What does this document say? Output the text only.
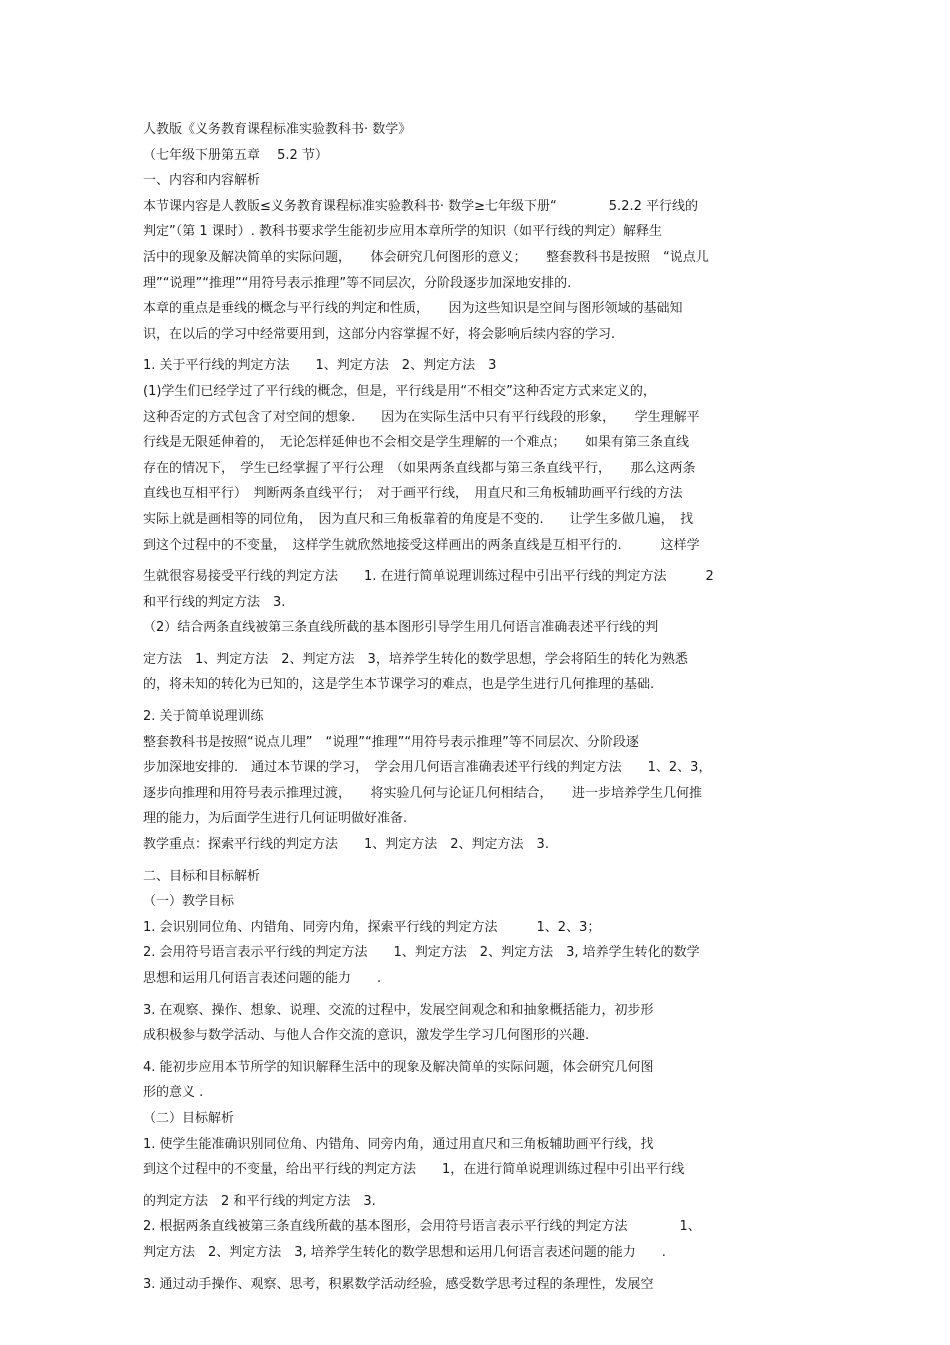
人教版《义务教育课程标准实验教科书· 数学》
（七年级下册第五章　 5.2 节）
一、内容和内容解析
本节课内容是人教版≤义务教育课程标准实验教科书· 数学≥七年级下册“　　　　5.2.2 平行线的
判定”（第 1 课时）. 教科书要求学生能初步应用本章所学的知识（如平行线的判定）解释生
活中的现象及解决简单的实际问题，　　体会研究几何图形的意义；　　整套教科书是按照　“说点儿
理”“说理”“推理”“用符号表示推理”等不同层次，分阶段逐步加深地安排的.
本章的重点是垂线的概念与平行线的判定和性质，　　因为这些知识是空间与图形领域的基础知
识，在以后的学习中经常要用到，这部分内容掌握不好，将会影响后续内容的学习.
1. 关于平行线的判定方法　　1、判定方法　2、判定方法　3
(1)学生们已经学过了平行线的概念，但是，平行线是用“不相交”这种否定方式来定义的，
这种否定的方式包含了对空间的想象.　　因为在实际生活中只有平行线段的形象，　　学生理解平
行线是无限延伸着的，　无论怎样延伸也不会相交是学生理解的一个难点；　　如果有第三条直线
存在的情况下，　学生已经掌握了平行公理　（如果两条直线都与第三条直线平行，　　那么这两条
直线也互相平行）　判断两条直线平行；　对于画平行线，　用直尺和三角板辅助画平行线的方法
实际上就是画相等的同位角，　因为直尺和三角板靠着的角度是不变的.　　让学生多做几遍，　找
到这个过程中的不变量，　这样学生就欣然地接受这样画出的两条直线是互相平行的.　　　这样学
生就很容易接受平行线的判定方法　　1. 在进行简单说理训练过程中引出平行线的判定方法　　　2
和平行线的判定方法　3.
（2）结合两条直线被第三条直线所截的基本图形引导学生用几何语言准确表述平行线的判
定方法　1、判定方法　2、判定方法　3，培养学生转化的数学思想，学会将陌生的转化为熟悉
的，将未知的转化为已知的，这是学生本节课学习的难点，也是学生进行几何推理的基础.
2. 关于简单说理训练
整套教科书是按照“说点儿理”　“说理”“推理”“用符号表示推理”等不同层次、分阶段逐
步加深地安排的.　通过本节课的学习，　学会用几何语言准确表述平行线的判定方法　　1、2、3，
逐步向推理和用符号表示推理过渡，　　将实验几何与论证几何相结合，　　进一步培养学生几何推
理的能力，为后面学生进行几何证明做好准备.
教学重点：探索平行线的判定方法　　1、判定方法　2、判定方法　3.
二、目标和目标解析
（一）教学目标
1. 会识别同位角、内错角、同旁内角，探索平行线的判定方法　　　1、2、3；
2. 会用符号语言表示平行线的判定方法　　1、判定方法　2、判定方法　3, 培养学生转化的数学
思想和运用几何语言表述问题的能力　　.
3. 在观察、操作、想象、说理、交流的过程中，发展空间观念和和抽象概括能力，初步形
成积极参与数学活动、与他人合作交流的意识，激发学生学习几何图形的兴趣.
4. 能初步应用本节所学的知识解释生活中的现象及解决简单的实际问题，体会研究几何图
形的意义 .
（二）目标解析
1. 使学生能准确识别同位角、内错角、同旁内角，通过用直尺和三角板辅助画平行线，找
到这个过程中的不变量，给出平行线的判定方法　　1，在进行简单说理训练过程中引出平行线
的判定方法　2 和平行线的判定方法　3.
2. 根据两条直线被第三条直线所截的基本图形，会用符号语言表示平行线的判定方法　　　　1、
判定方法　2、判定方法　3, 培养学生转化的数学思想和运用几何语言表述问题的能力　　.
3. 通过动手操作、观察、思考，积累数学活动经验，感受数学思考过程的条理性，发展空
